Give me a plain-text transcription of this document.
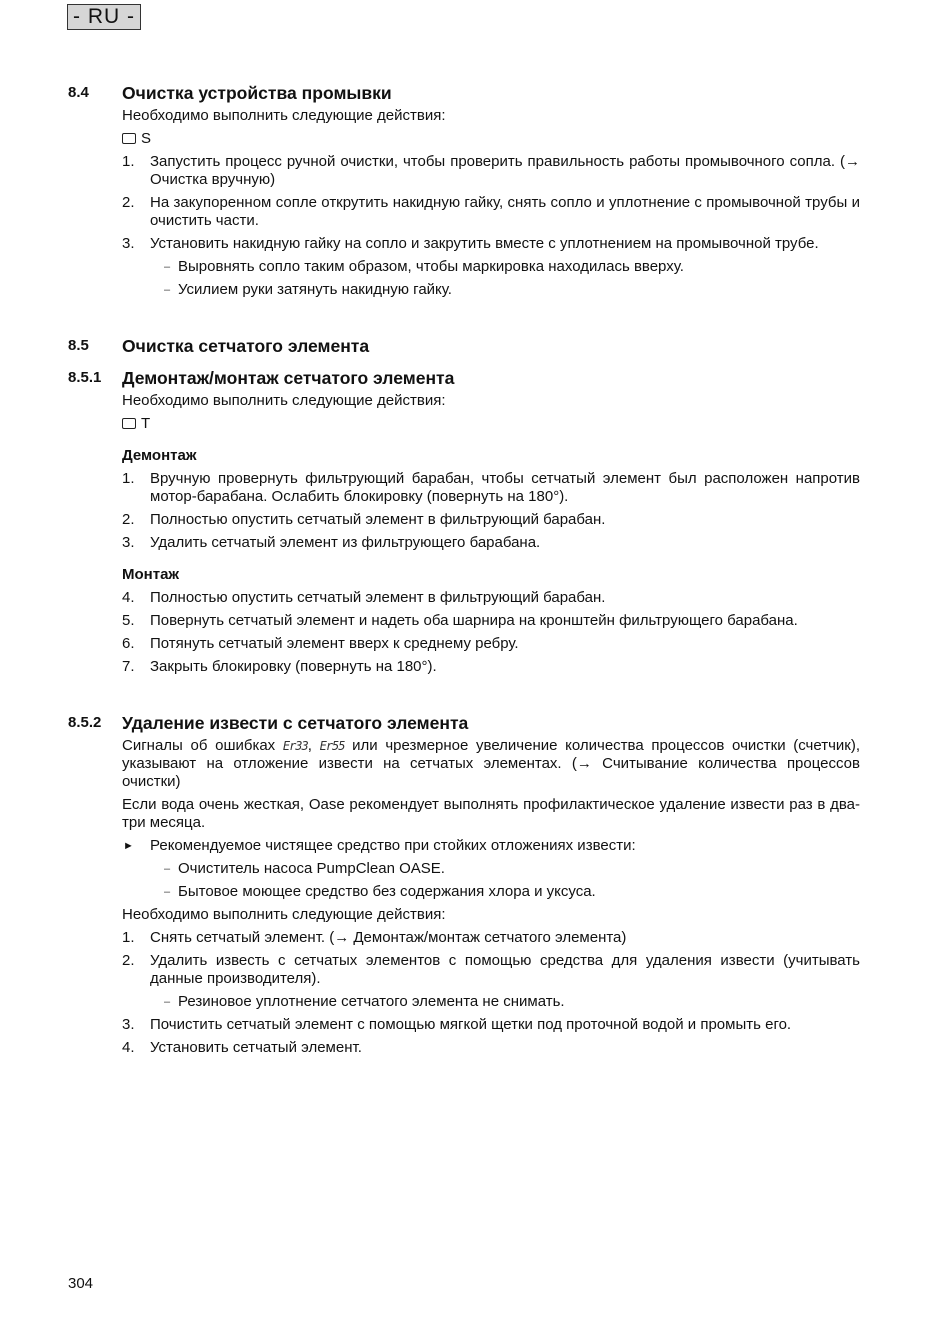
- RU -
8.4 Очистка устройства промывки

Необходимо выполнить следующие действия:

S
1. Запустить процесс ручной очистки, чтобы проверить правильность работы промывочного сопла. (→ Очистка вручную)
2. На закупоренном сопле открутить накидную гайку, снять сопло и уплотнение с промывочной трубы и очистить части.
3. Установить накидную гайку на сопло и закрутить вместе с уплотнением на промывочной трубе.
– Выровнять сопло таким образом, чтобы маркировка находилась вверху.
– Усилием руки затянуть накидную гайку.
8.5 Очистка сетчатого элемента
8.5.1 Демонтаж/монтаж сетчатого элемента

Необходимо выполнить следующие действия:

T
Демонтаж
1. Вручную провернуть фильтрующий барабан, чтобы сетчатый элемент был расположен напротив мотор-барабана. Ослабить блокировку (повернуть на 180°).
2. Полностью опустить сетчатый элемент в фильтрующий барабан.
3. Удалить сетчатый элемент из фильтрующего барабана.
Монтаж
4. Полностью опустить сетчатый элемент в фильтрующий барабан.
5. Повернуть сетчатый элемент и надеть оба шарнира на кронштейн фильтрующего барабана.
6. Потянуть сетчатый элемент вверх к среднему ребру.
7. Закрыть блокировку (повернуть на 180°).
8.5.2 Удаление извести с сетчатого элемента

Сигналы об ошибках Er33, Er55 или чрезмерное увеличение количества процессов очистки (счетчик), указывают на отложение извести на сетчатых элементах. (→ Считывание количества процессов очистки)

Если вода очень жесткая, Oase рекомендует выполнять профилактическое удаление извести раз в два-три месяца.

► Рекомендуемое чистящее средство при стойких отложениях извести:
– Очиститель насоса PumpClean OASE.
– Бытовое моющее средство без содержания хлора и уксуса.

Необходимо выполнить следующие действия:

1. Снять сетчатый элемент. (→ Демонтаж/монтаж сетчатого элемента)
2. Удалить известь с сетчатых элементов с помощью средства для удаления извести (учитывать данные производителя).
– Резиновое уплотнение сетчатого элемента не снимать.
3. Почистить сетчатый элемент с помощью мягкой щетки под проточной водой и промыть его.
4. Установить сетчатый элемент.
304
